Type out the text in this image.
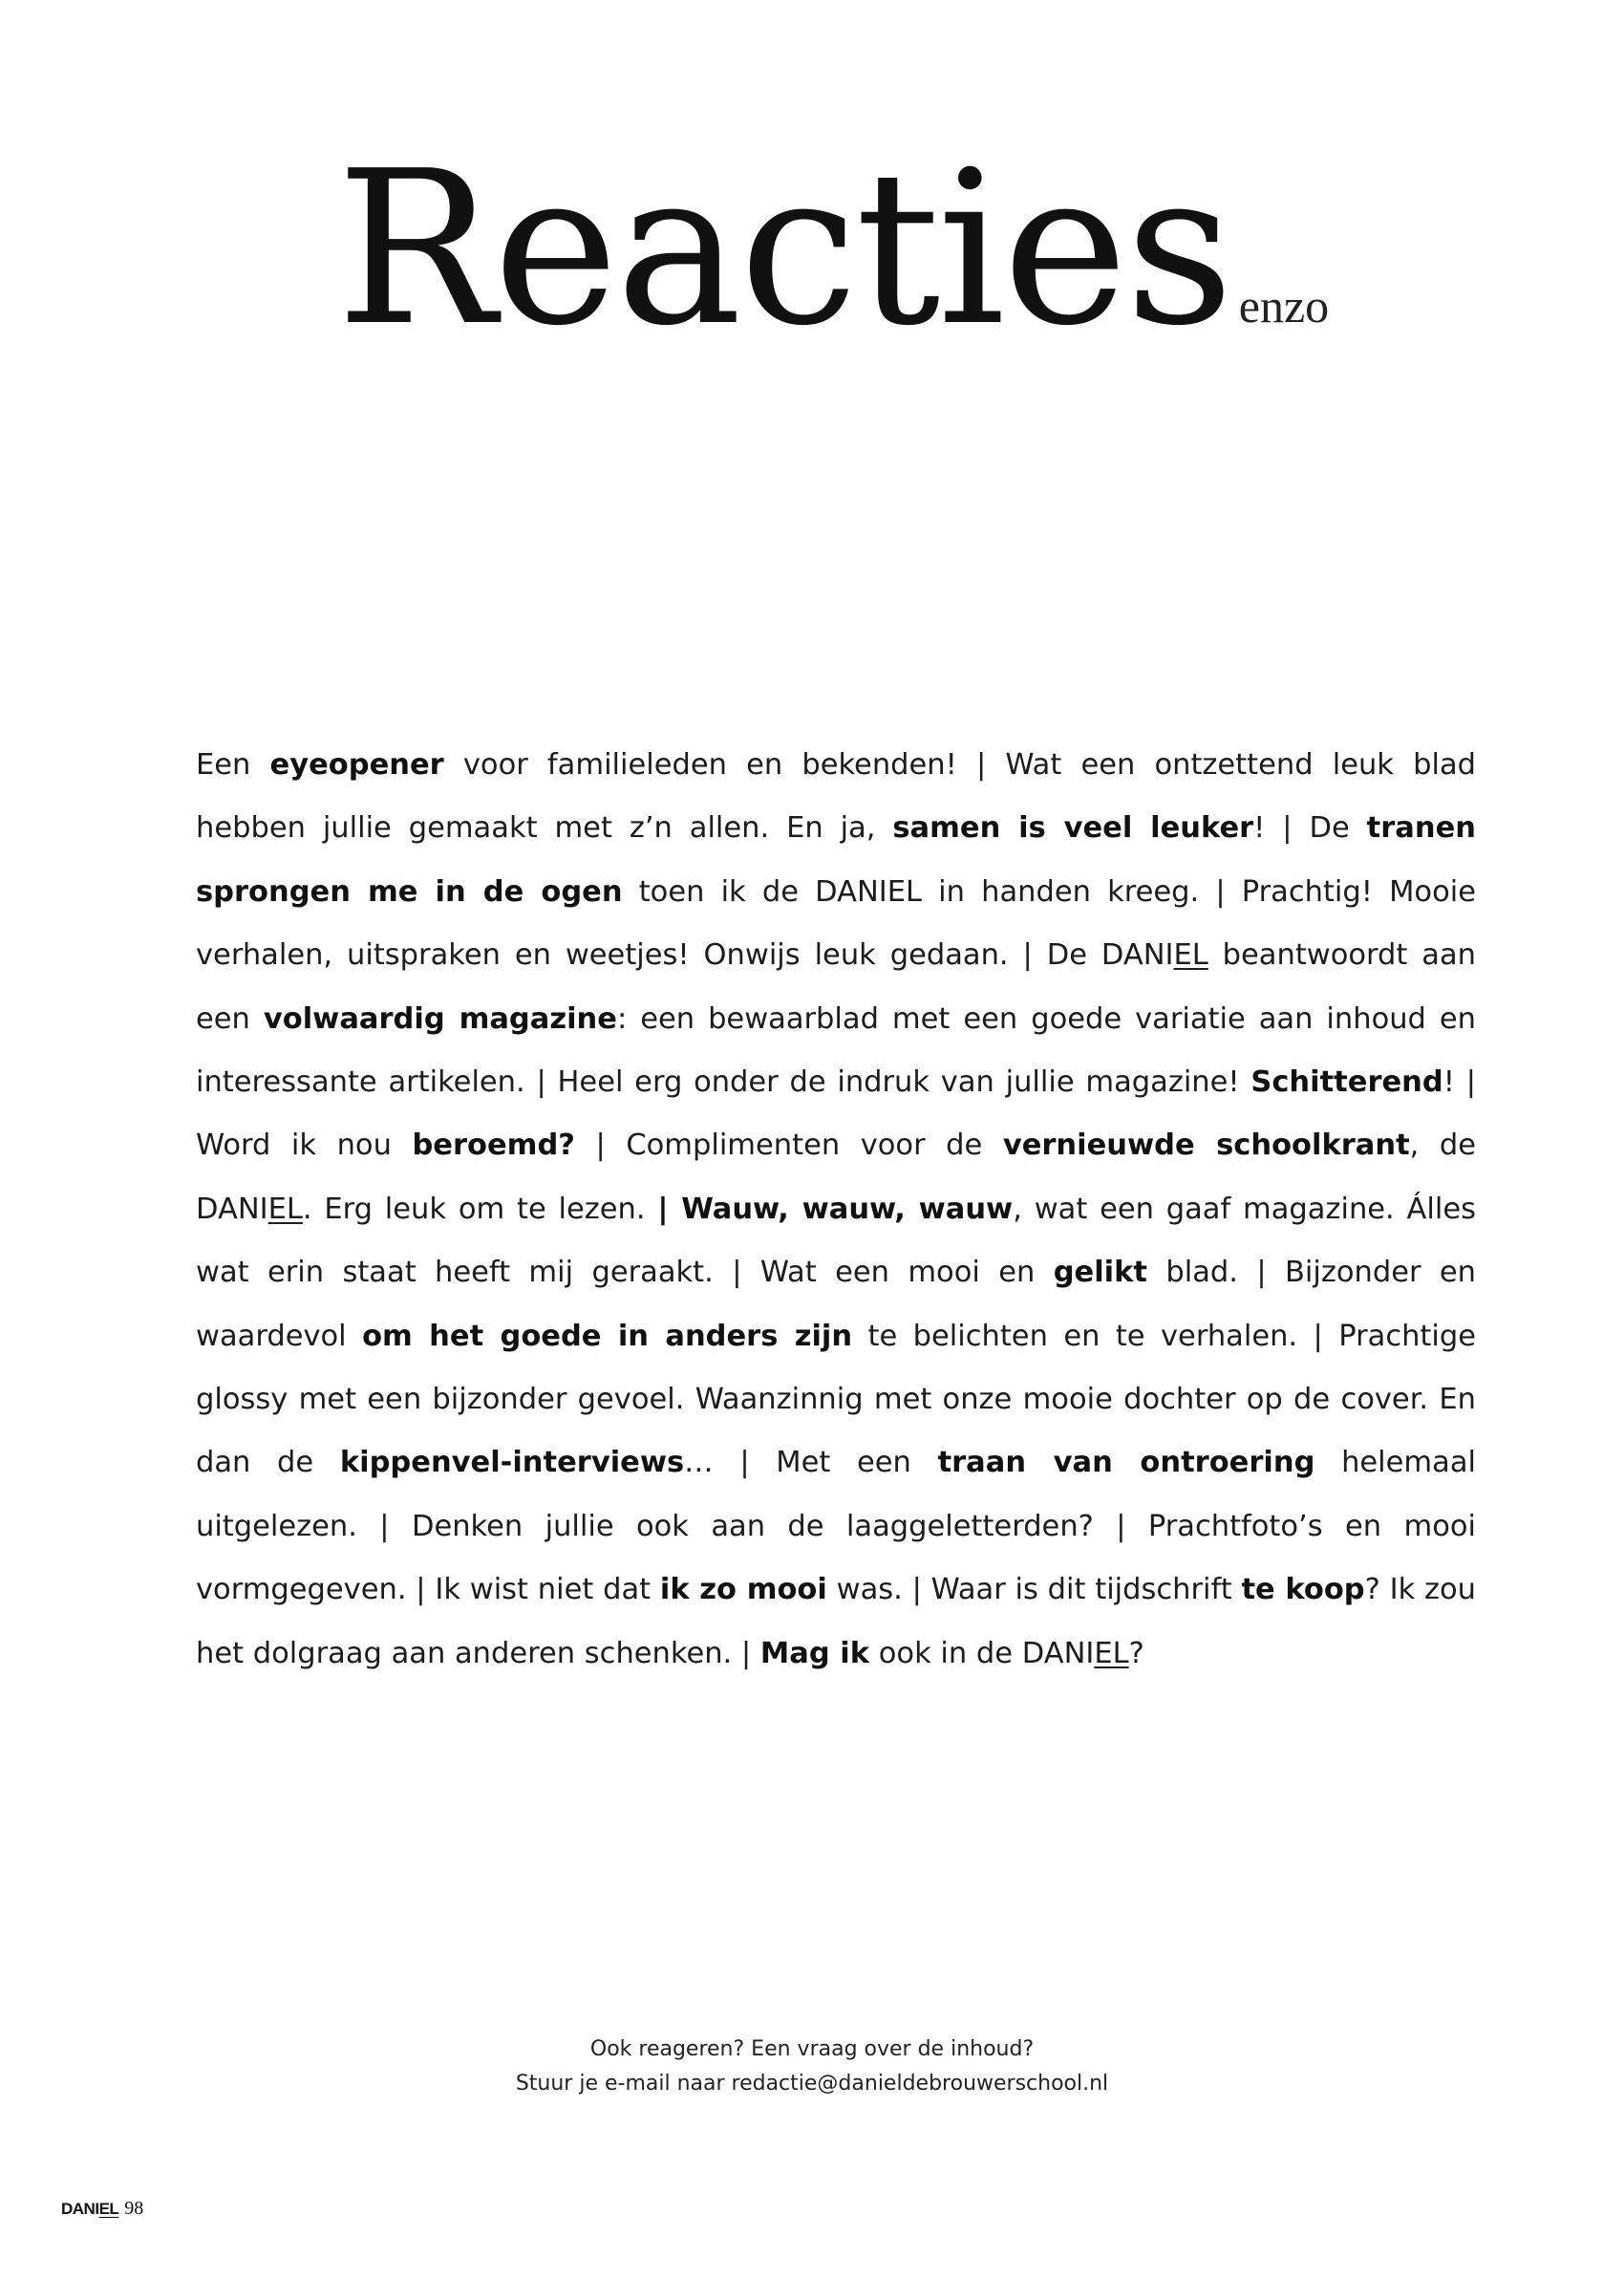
Reacties enzo
Een eyeopener voor familieleden en bekenden! | Wat een ontzettend leuk blad hebben jullie gemaakt met z’n allen. En ja, samen is veel leuker! | De tranen sprongen me in de ogen toen ik de DANIEL in handen kreeg. | Prachtig! Mooie verhalen, uitspraken en weetjes! Onwijs leuk gedaan. | De DANIEL beantwoordt aan een volwaardig magazine: een bewaarblad met een goede variatie aan inhoud en interessante artikelen. | Heel erg onder de indruk van jullie magazine! Schitterend! | Word ik nou beroemd? | Complimenten voor de vernieuwde schoolkrant, de DANIEL. Erg leuk om te lezen. | Wauw, wauw, wauw, wat een gaaf magazine. Álles wat erin staat heeft mij geraakt. | Wat een mooi en gelikt blad. | Bijzonder en waardevol om het goede in anders zijn te belichten en te verhalen. | Prachtige glossy met een bijzonder gevoel. Waanzinnig met onze mooie dochter op de cover. En dan de kippenvel-interviews… | Met een traan van ontroering helemaal uitgelezen. | Denken jullie ook aan de laaggeletterden? | Prachtfoto’s en mooi vormgegeven. | Ik wist niet dat ik zo mooi was. | Waar is dit tijdschrift te koop? Ik zou het dolgraag aan anderen schenken. | Mag ik ook in de DANIEL?
Ook reageren? Een vraag over de inhoud?
Stuur je e-mail naar redactie@danieldebrouwerschool.nl
DANIEL 98
